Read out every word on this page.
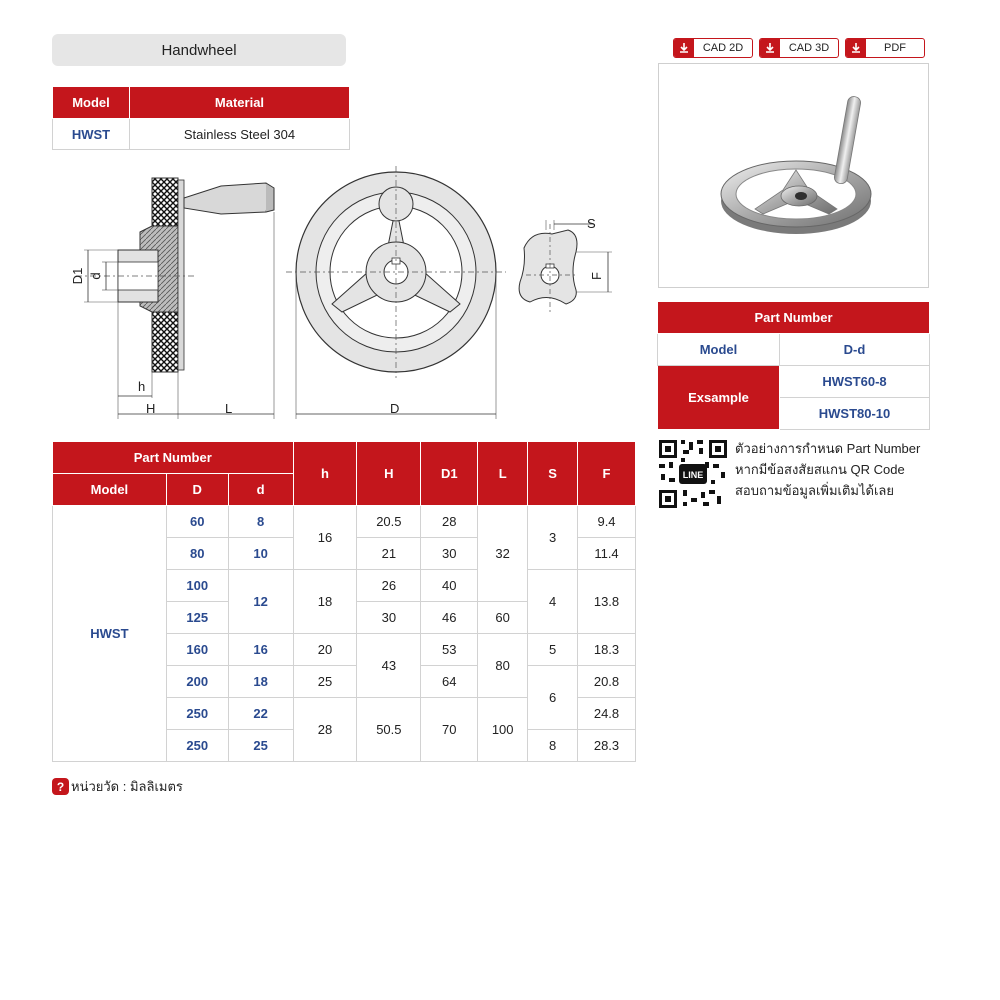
Handwheel
Model	Material
HWST	Stainless Steel 304
D1 d
h
H	L	D
S
F
Part Number			h	H	D1	L	S	F
Model	D	d						
HWST	60	8	16	20.5	28	32	3	9.4
	80	10		21	30			11.4
	100	12	18	26	40		4	13.8
	125			30	46	60		
	160	16	20	43	53	80	5	18.3
	200	18	25		64		6	20.8
	250	22	28	50.5	70	100		24.8
	250	25					8	28.3
? หน่วยวัด : มิลลิเมตร
CAD 2D	CAD 3D	PDF
Part Number	
Model	D-d
Exsample	HWST60-8
	HWST80-10
LINE
ตัวอย่างการกำหนด Part Number
หากมีข้อสงสัยสแกน QR Code
สอบถามข้อมูลเพิ่มเติมได้เลย
